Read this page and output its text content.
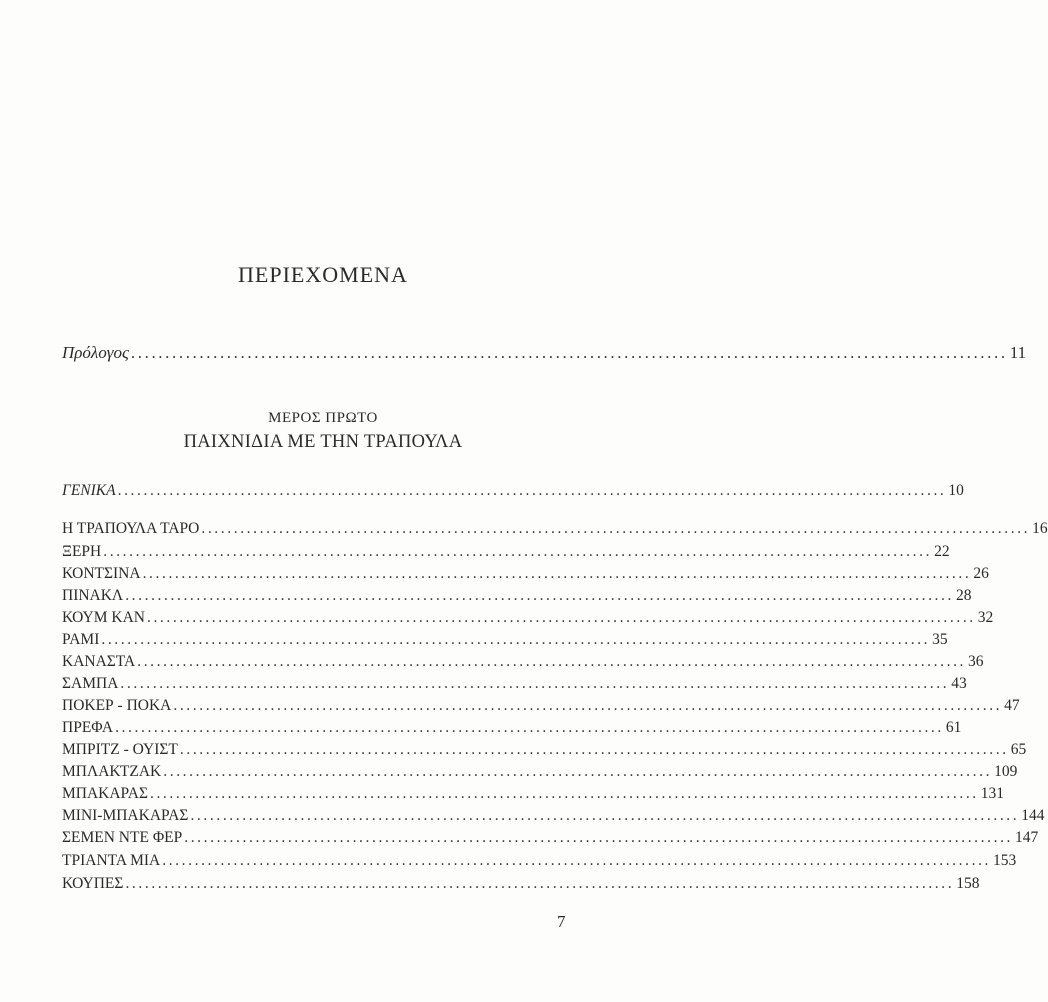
ΠΕΡΙΕΧΟΜΕΝΑ
Πρόλογος ................................................................................................................................ 11
ΜΕΡΟΣ ΠΡΩΤΟ
ΠΑΙΧΝΙΔΙΑ ΜΕ ΤΗΝ ΤΡΑΠΟΥΛΑ
ΓΕΝΙΚΑ ................................................................................................................................ 10
Η ΤΡΑΠΟΥΛΑ ΤΑΡΟ ................................................................................................................................ 16
ΞΕΡΗ ................................................................................................................................ 22
ΚΟΝΤΣΙΝΑ ................................................................................................................................ 26
ΠΙΝΑΚΛ ................................................................................................................................ 28
ΚΟΥΜ ΚΑΝ ................................................................................................................................ 32
ΡΑΜΙ ................................................................................................................................ 35
ΚΑΝΑΣΤΑ ................................................................................................................................ 36
ΣΑΜΠΑ ................................................................................................................................ 43
ΠΟΚΕΡ - ΠΟΚΑ ................................................................................................................................ 47
ΠΡΕΦΑ ................................................................................................................................ 61
ΜΠΡΙΤΖ - ΟΥΙΣΤ ................................................................................................................................ 65
ΜΠΛΑΚΤΖΑΚ ................................................................................................................................ 109
ΜΠΑΚΑΡΑΣ ................................................................................................................................ 131
ΜΙΝΙ-ΜΠΑΚΑΡΑΣ ................................................................................................................................ 144
ΣΕΜΕΝ ΝΤΕ ΦΕΡ ................................................................................................................................ 147
ΤΡΙΑΝΤΑ ΜΙΑ ................................................................................................................................ 153
ΚΟΥΠΕΣ ................................................................................................................................ 158
7
